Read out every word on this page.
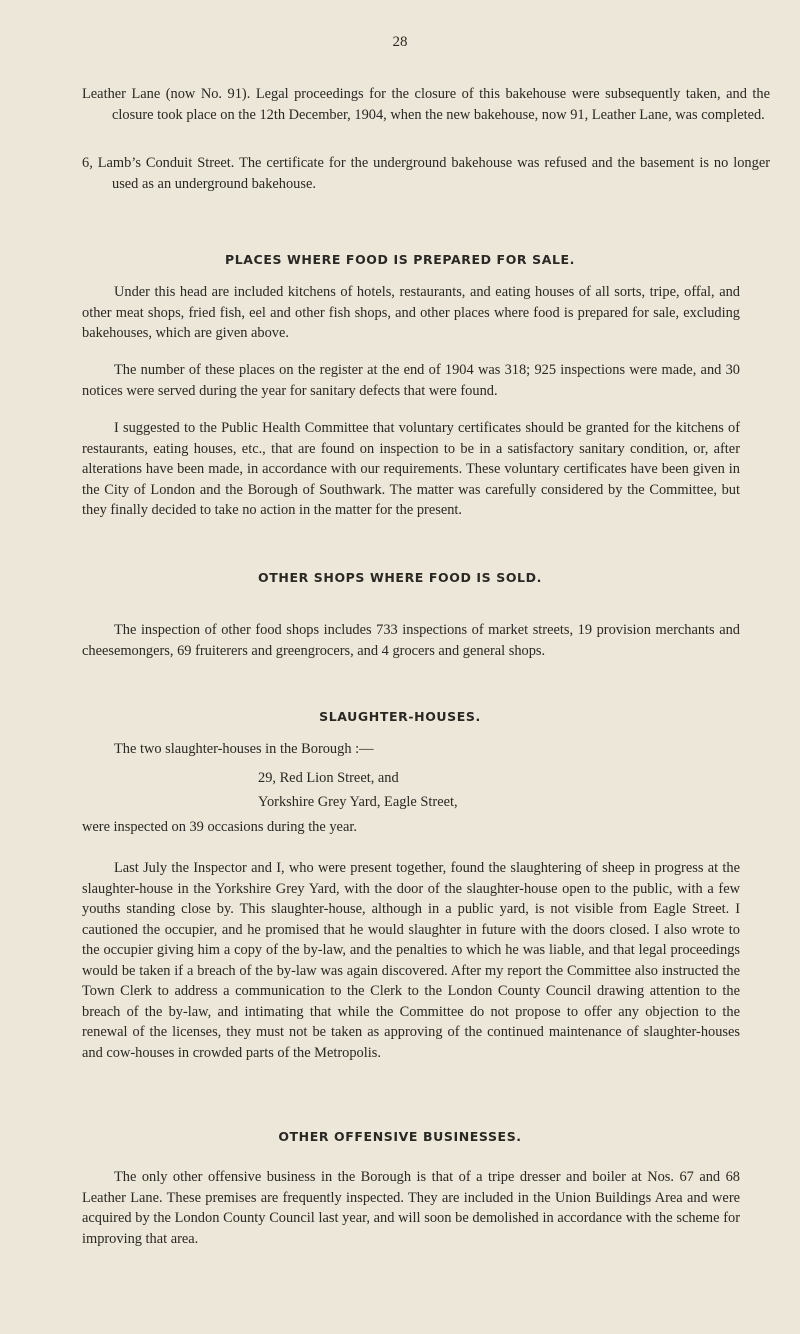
28
Leather Lane (now No. 91). Legal proceedings for the closure of this bakehouse were subsequently taken, and the closure took place on the 12th December, 1904, when the new bakehouse, now 91, Leather Lane, was completed.
6, Lamb’s Conduit Street. The certificate for the underground bakehouse was refused and the basement is no longer used as an underground bakehouse.
PLACES WHERE FOOD IS PREPARED FOR SALE.
Under this head are included kitchens of hotels, restaurants, and eating houses of all sorts, tripe, offal, and other meat shops, fried fish, eel and other fish shops, and other places where food is prepared for sale, excluding bakehouses, which are given above.
The number of these places on the register at the end of 1904 was 318; 925 inspections were made, and 30 notices were served during the year for sanitary defects that were found.
I suggested to the Public Health Committee that voluntary certificates should be granted for the kitchens of restaurants, eating houses, etc., that are found on inspection to be in a satisfactory sanitary condition, or, after alterations have been made, in accordance with our requirements. These voluntary certificates have been given in the City of London and the Borough of Southwark. The matter was carefully considered by the Committee, but they finally decided to take no action in the matter for the present.
OTHER SHOPS WHERE FOOD IS SOLD.
The inspection of other food shops includes 733 inspections of market streets, 19 provision merchants and cheesemongers, 69 fruiterers and greengrocers, and 4 grocers and general shops.
SLAUGHTER-HOUSES.
The two slaughter-houses in the Borough :—
29, Red Lion Street, and
Yorkshire Grey Yard, Eagle Street,
were inspected on 39 occasions during the year.
Last July the Inspector and I, who were present together, found the slaughtering of sheep in progress at the slaughter-house in the Yorkshire Grey Yard, with the door of the slaughter-house open to the public, with a few youths standing close by. This slaughter-house, although in a public yard, is not visible from Eagle Street. I cautioned the occupier, and he promised that he would slaughter in future with the doors closed. I also wrote to the occupier giving him a copy of the by-law, and the penalties to which he was liable, and that legal proceedings would be taken if a breach of the by-law was again discovered. After my report the Committee also instructed the Town Clerk to address a communication to the Clerk to the London County Council drawing attention to the breach of the by-law, and intimating that while the Committee do not propose to offer any objection to the renewal of the licenses, they must not be taken as approving of the continued maintenance of slaughter-houses and cow-houses in crowded parts of the Metropolis.
OTHER OFFENSIVE BUSINESSES.
The only other offensive business in the Borough is that of a tripe dresser and boiler at Nos. 67 and 68 Leather Lane. These premises are frequently inspected. They are included in the Union Buildings Area and were acquired by the London County Council last year, and will soon be demolished in accordance with the scheme for improving that area.
